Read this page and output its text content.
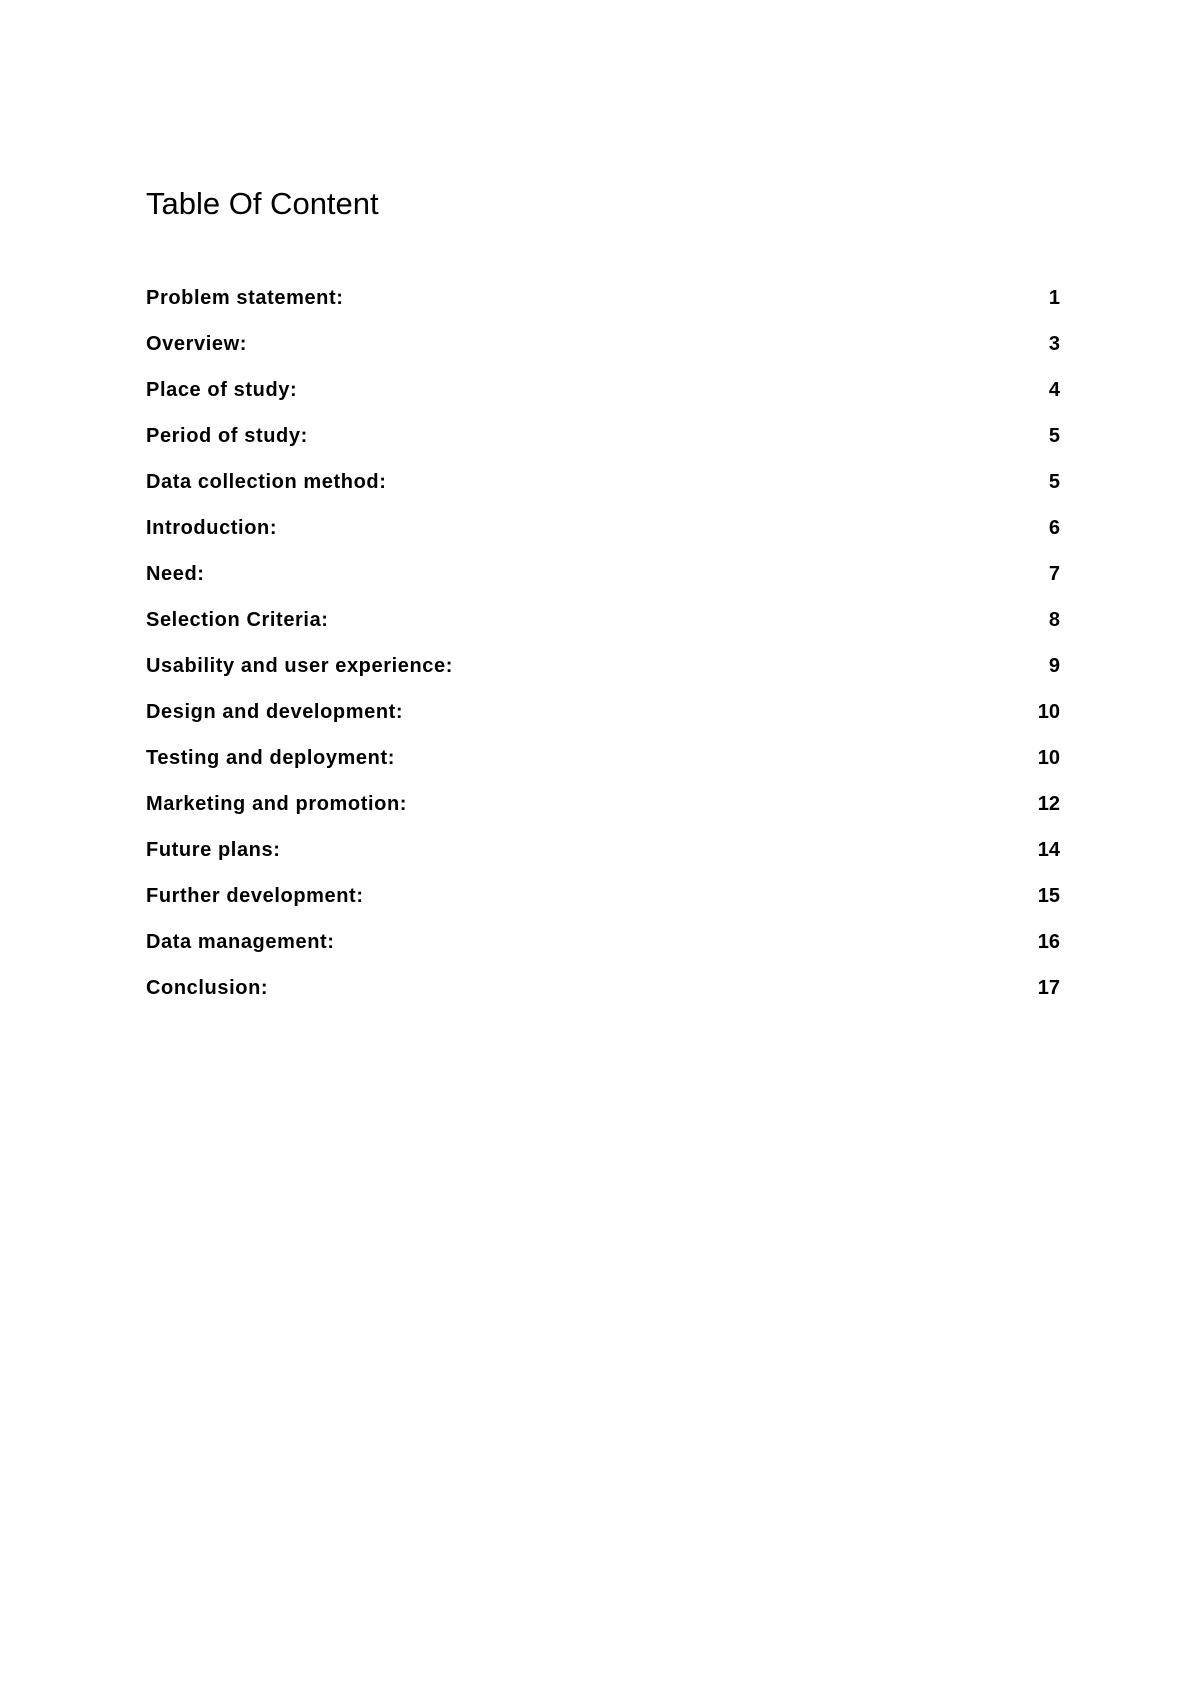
Table Of Content
Problem statement:	1
Overview:	3
Place of study:	4
Period of study:	5
Data collection method:	5
Introduction:	6
Need:	7
Selection Criteria:	8
Usability and user experience:	9
Design and development:	10
Testing and deployment:	10
Marketing and promotion:	12
Future plans:	14
Further development:	15
Data management:	16
Conclusion:	17
